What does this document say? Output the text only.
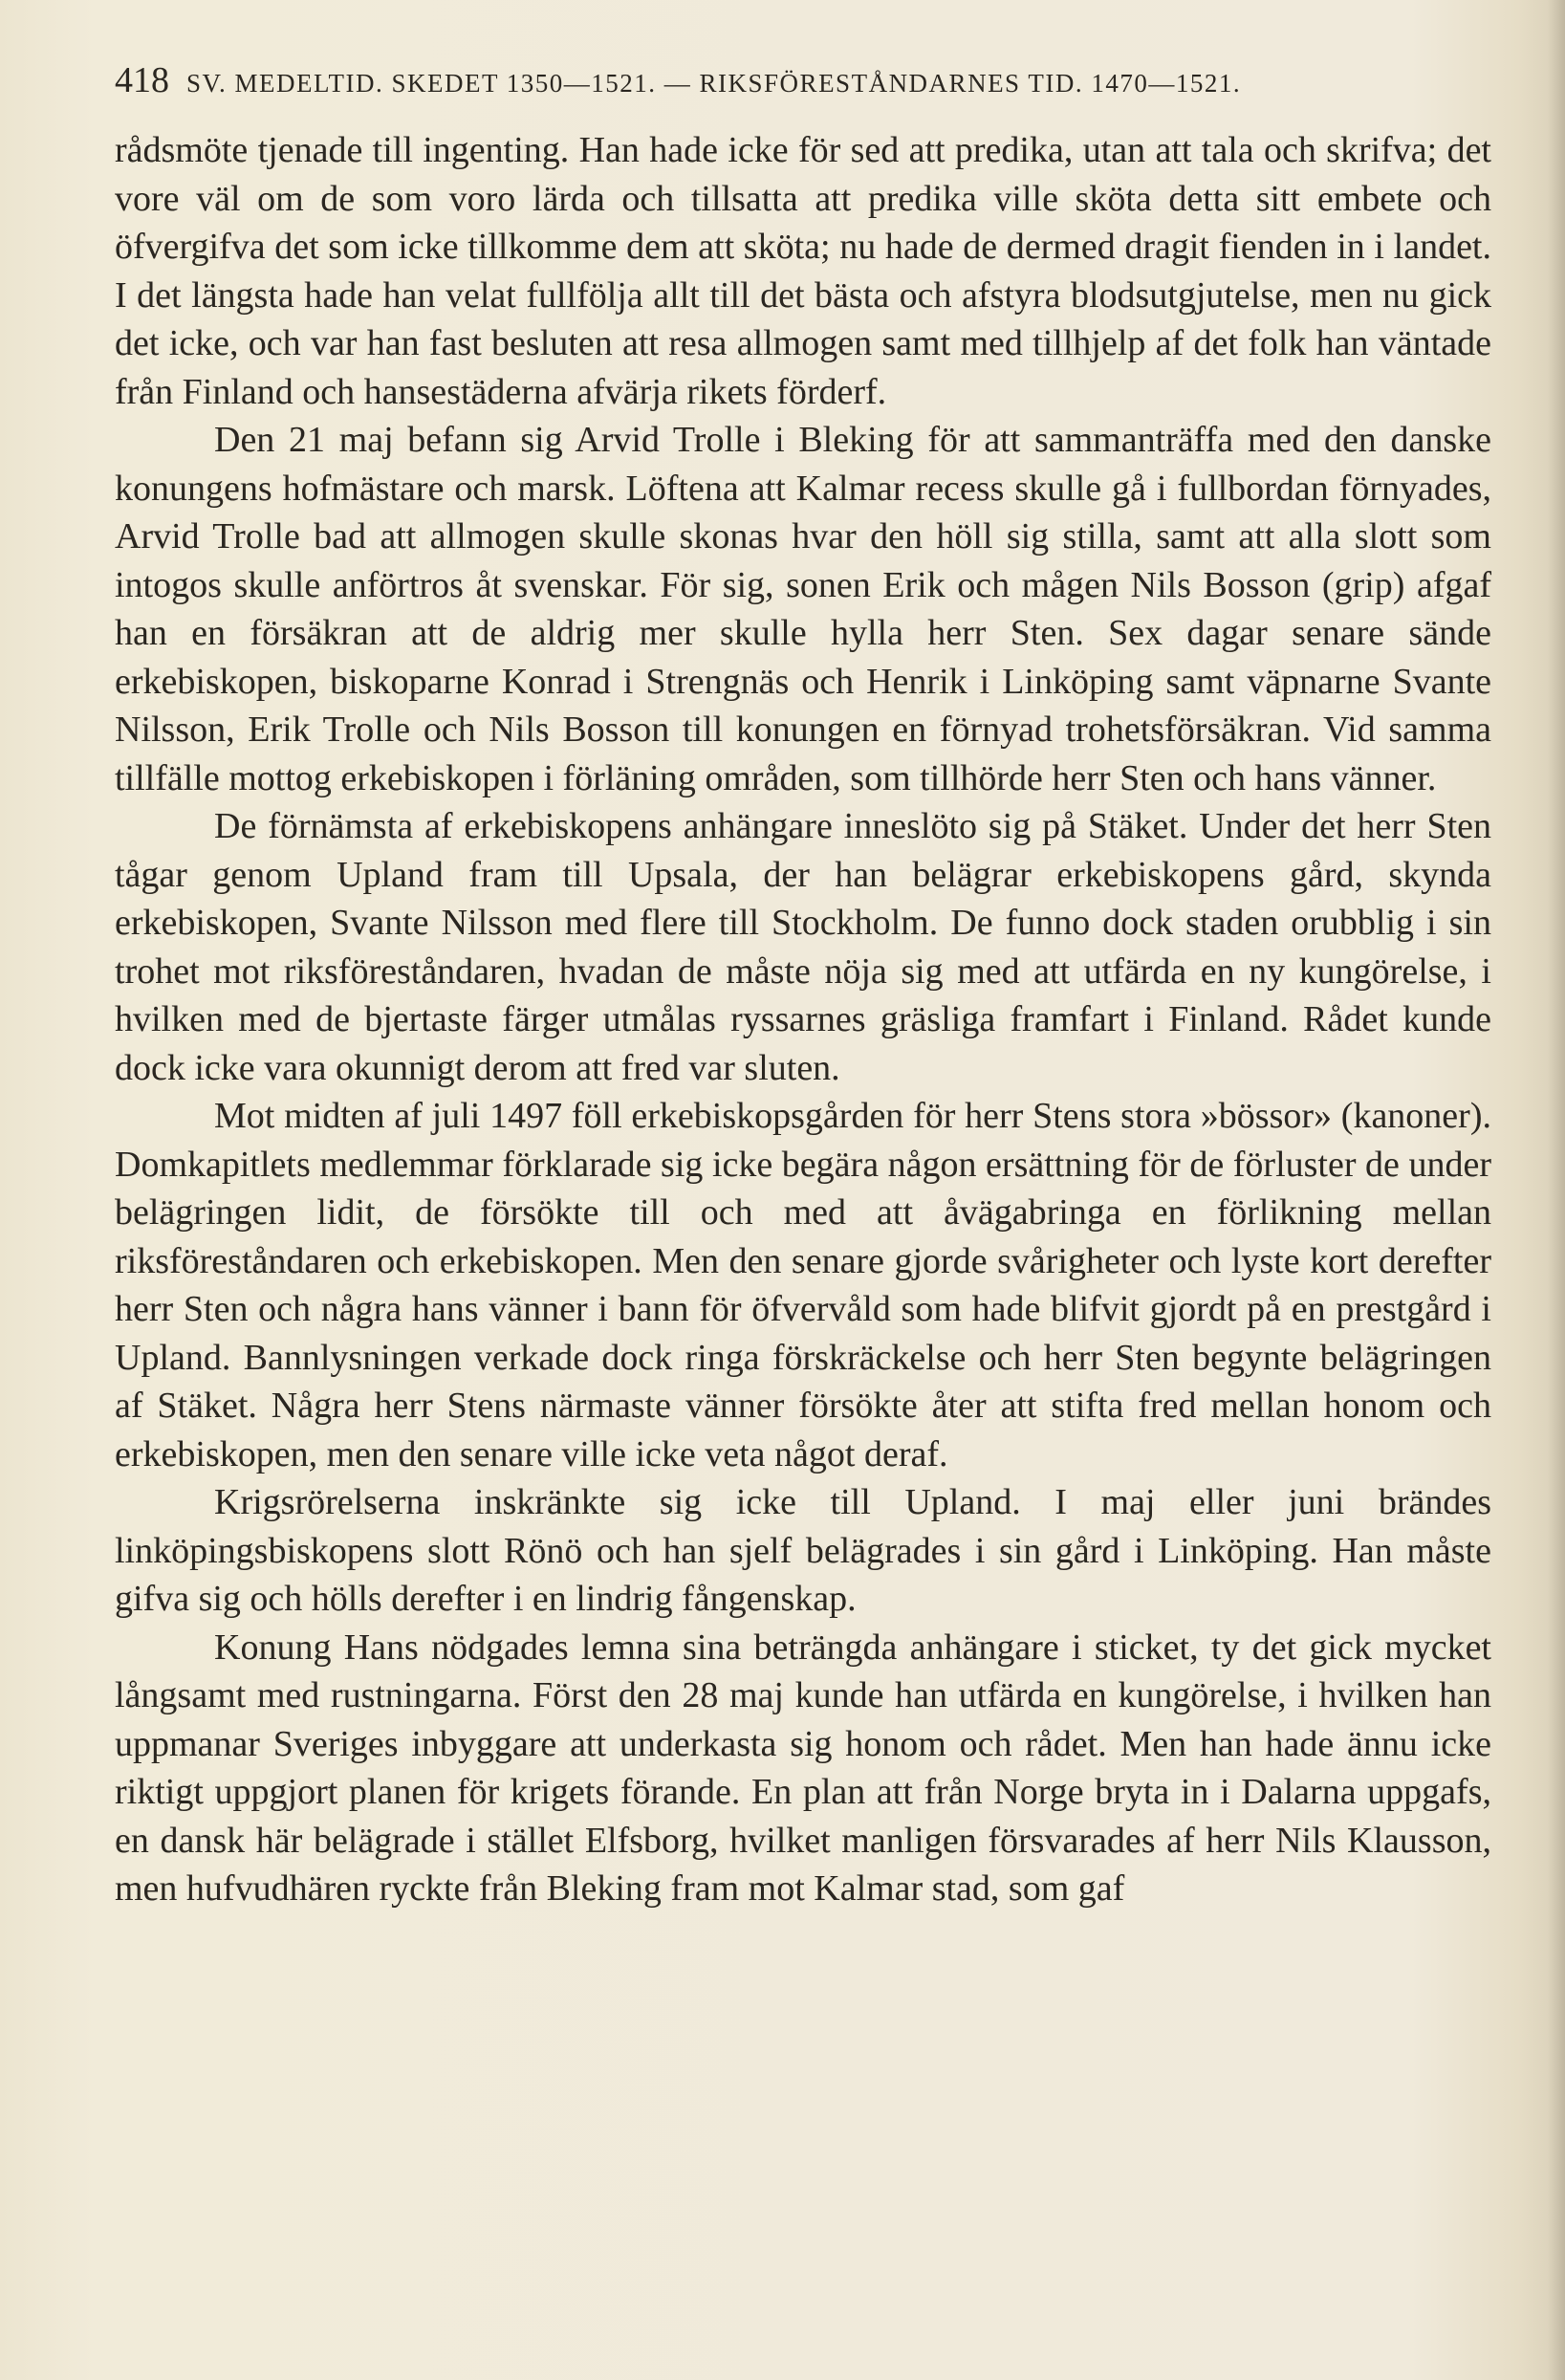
418 SV. MEDELTID. SKEDET 1350—1521. — RIKSFÖRESTÅNDARNES TID. 1470—1521.

rådsmöte tjenade till ingenting. Han hade icke för sed att predika, utan att tala och skrifva; det vore väl om de som voro lärda och tillsatta att predika ville sköta detta sitt embete och öfvergifva det som icke tillkomme dem att sköta; nu hade de dermed dragit fienden in i landet. I det längsta hade han velat fullfölja allt till det bästa och afstyra blodsutgjutelse, men nu gick det icke, och var han fast besluten att resa allmogen samt med tillhjelp af det folk han väntade från Finland och hansestäderna afvärja rikets förderf.

Den 21 maj befann sig Arvid Trolle i Bleking för att sammanträffa med den danske konungens hofmästare och marsk. Löftena att Kalmar recess skulle gå i fullbordan förnyades, Arvid Trolle bad att allmogen skulle skonas hvar den höll sig stilla, samt att alla slott som intogos skulle anförtros åt svenskar. För sig, sonen Erik och mågen Nils Bosson (grip) afgaf han en försäkran att de aldrig mer skulle hylla herr Sten. Sex dagar senare sände erkebiskopen, biskoparne Konrad i Strengnäs och Henrik i Linköping samt väpnarne Svante Nilsson, Erik Trolle och Nils Bosson till konungen en förnyad trohetsförsäkran. Vid samma tillfälle mottog erkebiskopen i förläning områden, som tillhörde herr Sten och hans vänner.

De förnämsta af erkebiskopens anhängare inneslöto sig på Stäket. Under det herr Sten tågar genom Upland fram till Upsala, der han belägrar erkebiskopens gård, skynda erkebiskopen, Svante Nilsson med flere till Stockholm. De funno dock staden orubblig i sin trohet mot riksföreståndaren, hvadan de måste nöja sig med att utfärda en ny kungörelse, i hvilken med de bjertaste färger utmålas ryssarnes gräsliga framfart i Finland. Rådet kunde dock icke vara okunnigt derom att fred var sluten.

Mot midten af juli 1497 föll erkebiskopsgården för herr Stens stora »bössor» (kanoner). Domkapitlets medlemmar förklarade sig icke begära någon ersättning för de förluster de under belägringen lidit, de försökte till och med att åvägabringa en förlikning mellan riksföreståndaren och erkebiskopen. Men den senare gjorde svårigheter och lyste kort derefter herr Sten och några hans vänner i bann för öfvervåld som hade blifvit gjordt på en prestgård i Upland. Bannlysningen verkade dock ringa förskräckelse och herr Sten begynte belägringen af Stäket. Några herr Stens närmaste vänner försökte åter att stifta fred mellan honom och erkebiskopen, men den senare ville icke veta något deraf.

Krigsrörelserna inskränkte sig icke till Upland. I maj eller juni brändes linköpingsbiskopens slott Rönö och han sjelf belägrades i sin gård i Linköping. Han måste gifva sig och hölls derefter i en lindrig fångenskap.

Konung Hans nödgades lemna sina beträngda anhängare i sticket, ty det gick mycket långsamt med rustningarna. Först den 28 maj kunde han utfärda en kungörelse, i hvilken han uppmanar Sveriges inbyggare att underkasta sig honom och rådet. Men han hade ännu icke riktigt uppgjort planen för krigets förande. En plan att från Norge bryta in i Dalarna uppgafs, en dansk här belägrade i stället Elfsborg, hvilket manligen försvarades af herr Nils Klausson, men hufvudhären ryckte från Bleking fram mot Kalmar stad, som gaf
